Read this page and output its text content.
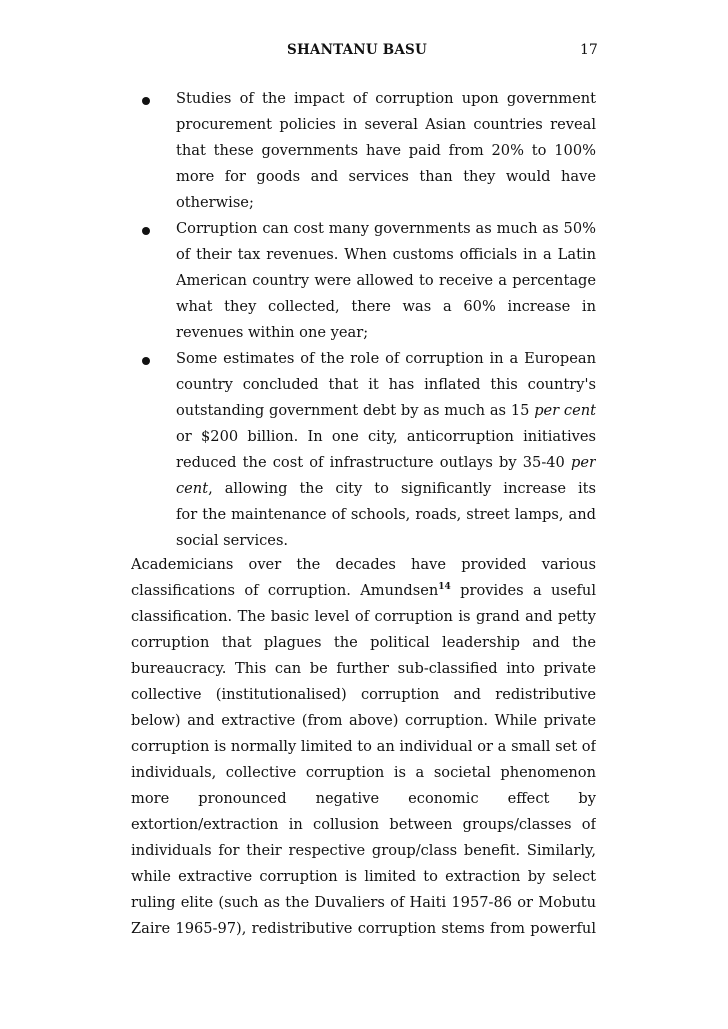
SHANTANU BASU	17
Studies of the impact of corruption upon government
procurement policies in several Asian countries reveal
that these governments have paid from 20% to 100%
more for goods and services than they would have
otherwise;
Corruption can cost many governments as much as 50%
of their tax revenues. When customs officials in a Latin
American country were allowed to receive a percentage
what they collected, there was a 60% increase in
revenues within one year;
Some estimates of the role of corruption in a European
country concluded that it has inflated this country's
outstanding government debt by as much as 15 per cent
or $200 billion. In one city, anticorruption initiatives
reduced the cost of infrastructure outlays by 35-40 per
cent, allowing the city to significantly increase its
for the maintenance of schools, roads, street lamps, and
social services.
Academicians over the decades have provided various
classifications of corruption. Amundsen$^{14}$ provides a useful
classification. The basic level of corruption is grand and petty
corruption that plagues the political leadership and the
bureaucracy. This can be further sub-classified into private
collective (institutionalised) corruption and redistributive
below) and extractive (from above) corruption. While private
corruption is normally limited to an individual or a small set of
individuals, collective corruption is a societal phenomenon
more pronounced negative economic effect by
extortion/extraction in collusion between groups/classes of
individuals for their respective group/class benefit. Similarly,
while extractive corruption is limited to extraction by select
ruling elite (such as the Duvaliers of Haiti 1957-86 or Mobutu
Zaire 1965-97), redistributive corruption stems from powerful
